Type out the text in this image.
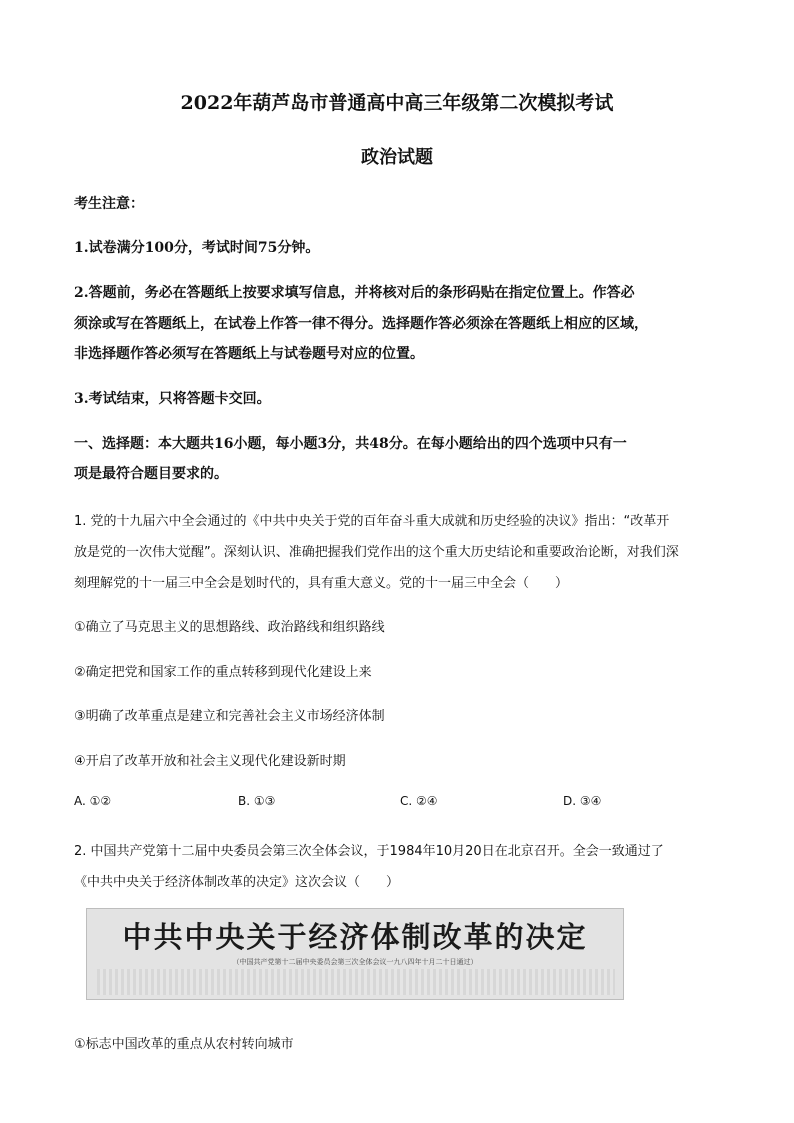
2022年葫芦岛市普通高中高三年级第二次模拟考试
政治试题
考生注意：
1.试卷满分100分，考试时间75分钟。
2.答题前，务必在答题纸上按要求填写信息，并将核对后的条形码贴在指定位置上。作答必
须涂或写在答题纸上，在试卷上作答一律不得分。选择题作答必须涂在答题纸上相应的区域，
非选择题作答必须写在答题纸上与试卷题号对应的位置。
3.考试结束，只将答题卡交回。
一、选择题：本大题共16小题，每小题3分，共48分。在每小题给出的四个选项中只有一
项是最符合题目要求的。
1. 党的十九届六中全会通过的《中共中央关于党的百年奋斗重大成就和历史经验的决议》指出：“改革开
放是党的一次伟大觉醒”。深刻认识、准确把握我们党作出的这个重大历史结论和重要政治论断，对我们深
刻理解党的十一届三中全会是划时代的，具有重大意义。党的十一届三中全会（　　）
①确立了马克思主义的思想路线、政治路线和组织路线
②确定把党和国家工作的重点转移到现代化建设上来
③明确了改革重点是建立和完善社会主义市场经济体制
④开启了改革开放和社会主义现代化建设新时期
A. ①②	B. ①③	C. ②④	D. ③④
2. 中国共产党第十二届中央委员会第三次全体会议，于1984年10月20日在北京召开。全会一致通过了
《中共中央关于经济体制改革的决定》这次会议（　　）
中共中央关于经济体制改革的决定
（中国共产党第十二届中央委员会第三次全体会议一九八四年十月二十日通过）
①标志中国改革的重点从农村转向城市
